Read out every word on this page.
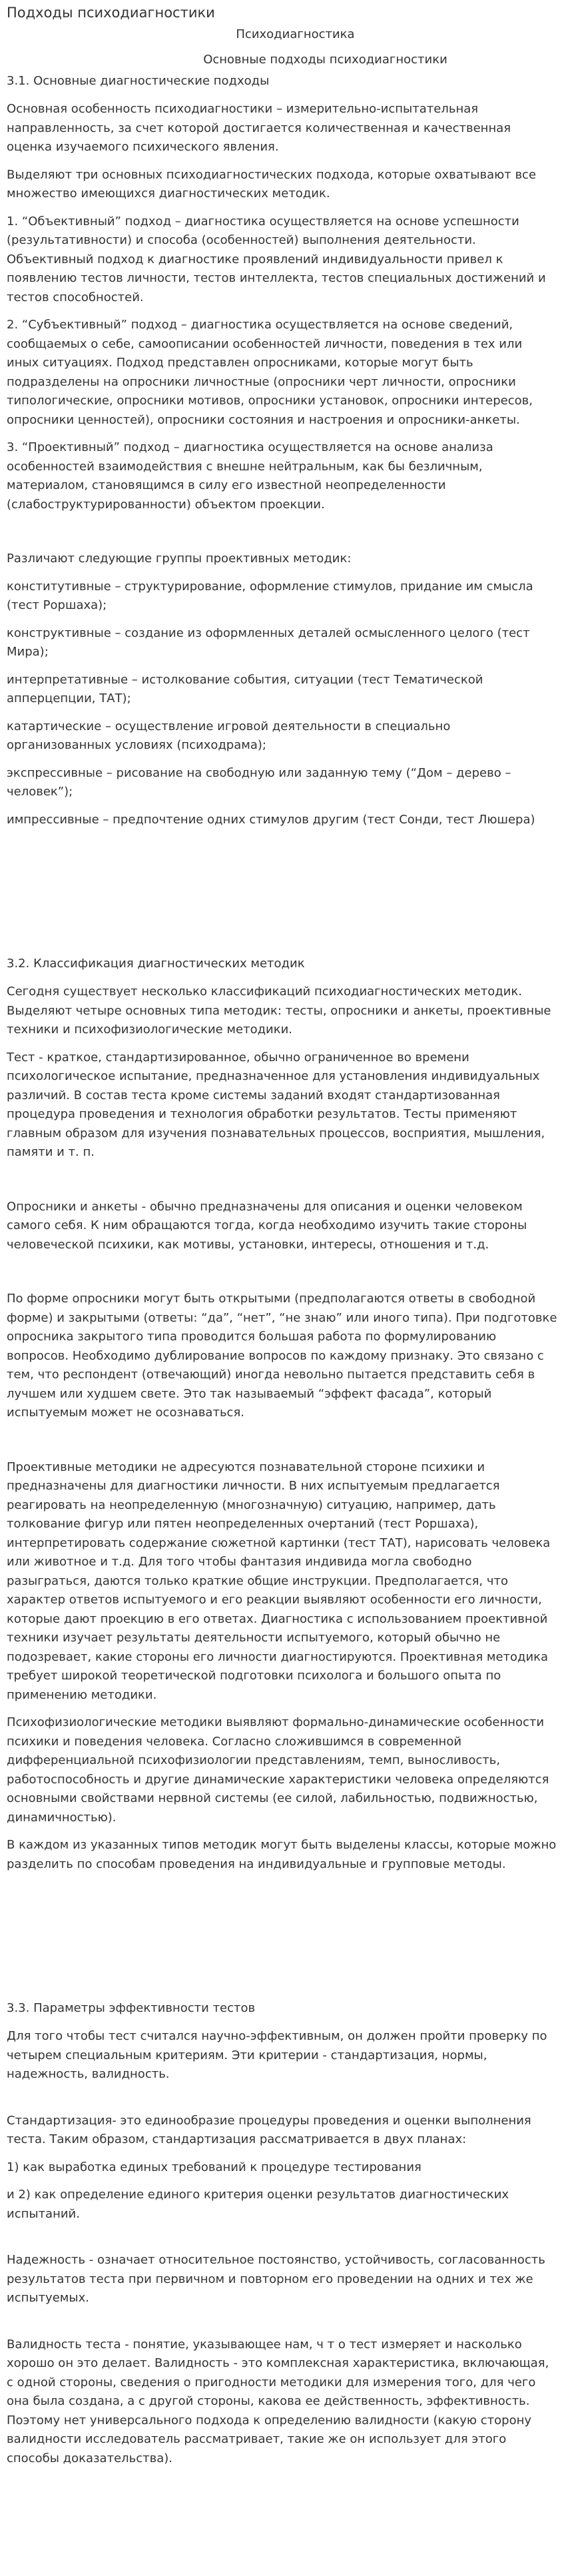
Подходы психодиагностики

Психодиагностика

Основные подходы психодиагностики

3.1. Основные диагностические подходы

Основная особенность психодиагностики – измерительно-испытательная направленность, за счет которой достигается количественная и качественная оценка изучаемого психического явления.

Выделяют три основных психодиагностических подхода, которые охватывают все множество имеющихся диагностических методик.

1. “Объективный” подход – диагностика осуществляется на основе успешности (результативности) и способа (особенностей) выполнения деятельности. Объективный подход к диагностике проявлений индивидуальности привел к появлению тестов личности, тестов интеллекта, тестов специальных достижений и тестов способностей.

2. “Субъективный” подход – диагностика осуществляется на основе сведений, сообщаемых о себе, самоописании особенностей личности, поведения в тех или иных ситуациях. Подход представлен опросниками, которые могут быть подразделены на опросники личностные (опросники черт личности, опросники типологические, опросники мотивов, опросники установок, опросники интересов, опросники ценностей), опросники состояния и настроения и опросники-анкеты.

3. “Проективный” подход – диагностика осуществляется на основе анализа особенностей взаимодействия с внешне нейтральным, как бы безличным, материалом, становящимся в силу его известной неопределенности (слабоструктурированности) объектом проекции.

Различают следующие группы проективных методик:

конститутивные – структурирование, оформление стимулов, придание им смысла (тест Роршаха);

конструктивные – создание из оформленных деталей осмысленного целого (тест Мира);

интерпретативные – истолкование события, ситуации (тест Тематической апперцепции, ТАТ);

катартические – осуществление игровой деятельности в специально организованных условиях (психодрама);

экспрессивные – рисование на свободную или заданную тему (“Дом – дерево – человек”);

импрессивные – предпочтение одних стимулов другим (тест Сонди, тест Люшера)

3.2. Классификация диагностических методик

Сегодня существует несколько классификаций психодиагностических методик. Выделяют четыре основных типа методик: тесты, опросники и анкеты, проективные техники и психофизиологические методики.

Тест - краткое, стандартизированное, обычно ограниченное во времени психологическое испытание, предназначенное для установления индивидуальных различий. В состав теста кроме системы заданий входят стандартизованная процедура проведения и технология обработки результатов. Тесты применяют главным образом для изучения познавательных процессов, восприятия, мышления, памяти и т. п.

Опросники и анкеты - обычно предназначены для описания и оценки человеком самого себя. К ним обращаются тогда, когда необходимо изучить такие стороны человеческой психики, как мотивы, установки, интересы, отношения и т.д.

По форме опросники могут быть открытыми (предполагаются ответы в свободной форме) и закрытыми (ответы: “да”, “нет”, “не знаю” или иного типа). При подготовке опросника закрытого типа проводится большая работа по формулированию вопросов. Необходимо дублирование вопросов по каждому признаку. Это связано с тем, что респондент (отвечающий) иногда невольно пытается представить себя в лучшем или худшем свете. Это так называемый “эффект фасада”, который испытуемым может не осознаваться.

Проективные методики не адресуются познавательной стороне психики и предназначены для диагностики личности. В них испытуемым предлагается реагировать на неопределенную (многозначную) ситуацию, например, дать толкование фигур или пятен неопределенных очертаний (тест Роршаха), интерпретировать содержание сюжетной картинки (тест ТАТ), нарисовать человека или животное и т.д. Для того чтобы фантазия индивида могла свободно разыграться, даются только краткие общие инструкции. Предполагается, что характер ответов испытуемого и его реакции выявляют особенности его личности, которые дают проекцию в его ответах. Диагностика с использованием проективной техники изучает результаты деятельности испытуемого, который обычно не подозревает, какие стороны его личности диагностируются. Проективная методика требует широкой теоретической подготовки психолога и большого опыта по применению методики.

Психофизиологические методики выявляют формально-динамические особенности психики и поведения человека. Согласно сложившимся в современной дифференциальной психофизиологии представлениям, темп, выносливость, работоспособность и другие динамические характеристики человека определяются основными свойствами нервной системы (ее силой, лабильностью, подвижностью, динамичностью).

В каждом из указанных типов методик могут быть выделены классы, которые можно разделить по способам проведения на индивидуальные и групповые методы.

3.3. Параметры эффективности тестов

Для того чтобы тест считался научно-эффективным, он должен пройти проверку по четырем специальным критериям. Эти критерии - стандартизация, нормы, надежность, валидность.

Стандартизация- это единообразие процедуры проведения и оценки выполнения теста. Таким образом, стандартизация рассматривается в двух планах:

1) как выработка единых требований к процедуре тестирования

и 2) как определение единого критерия оценки результатов диагностических испытаний.

Надежность - означает относительное постоянство, устойчивость, согласованность результатов теста при первичном и повторном его проведении на одних и тех же испытуемых.

Валидность теста - понятие, указывающее нам, ч т о тест измеряет и насколько хорошо он это делает. Валидность - это комплексная характеристика, включающая, с одной стороны, сведения о пригодности методики для измерения того, для чего она была создана, а с другой стороны, какова ее действенность, эффективность. Поэтому нет универсального подхода к определению валидности (какую сторону валидности исследователь рассматривает, такие же он использует для этого способы доказательства).
